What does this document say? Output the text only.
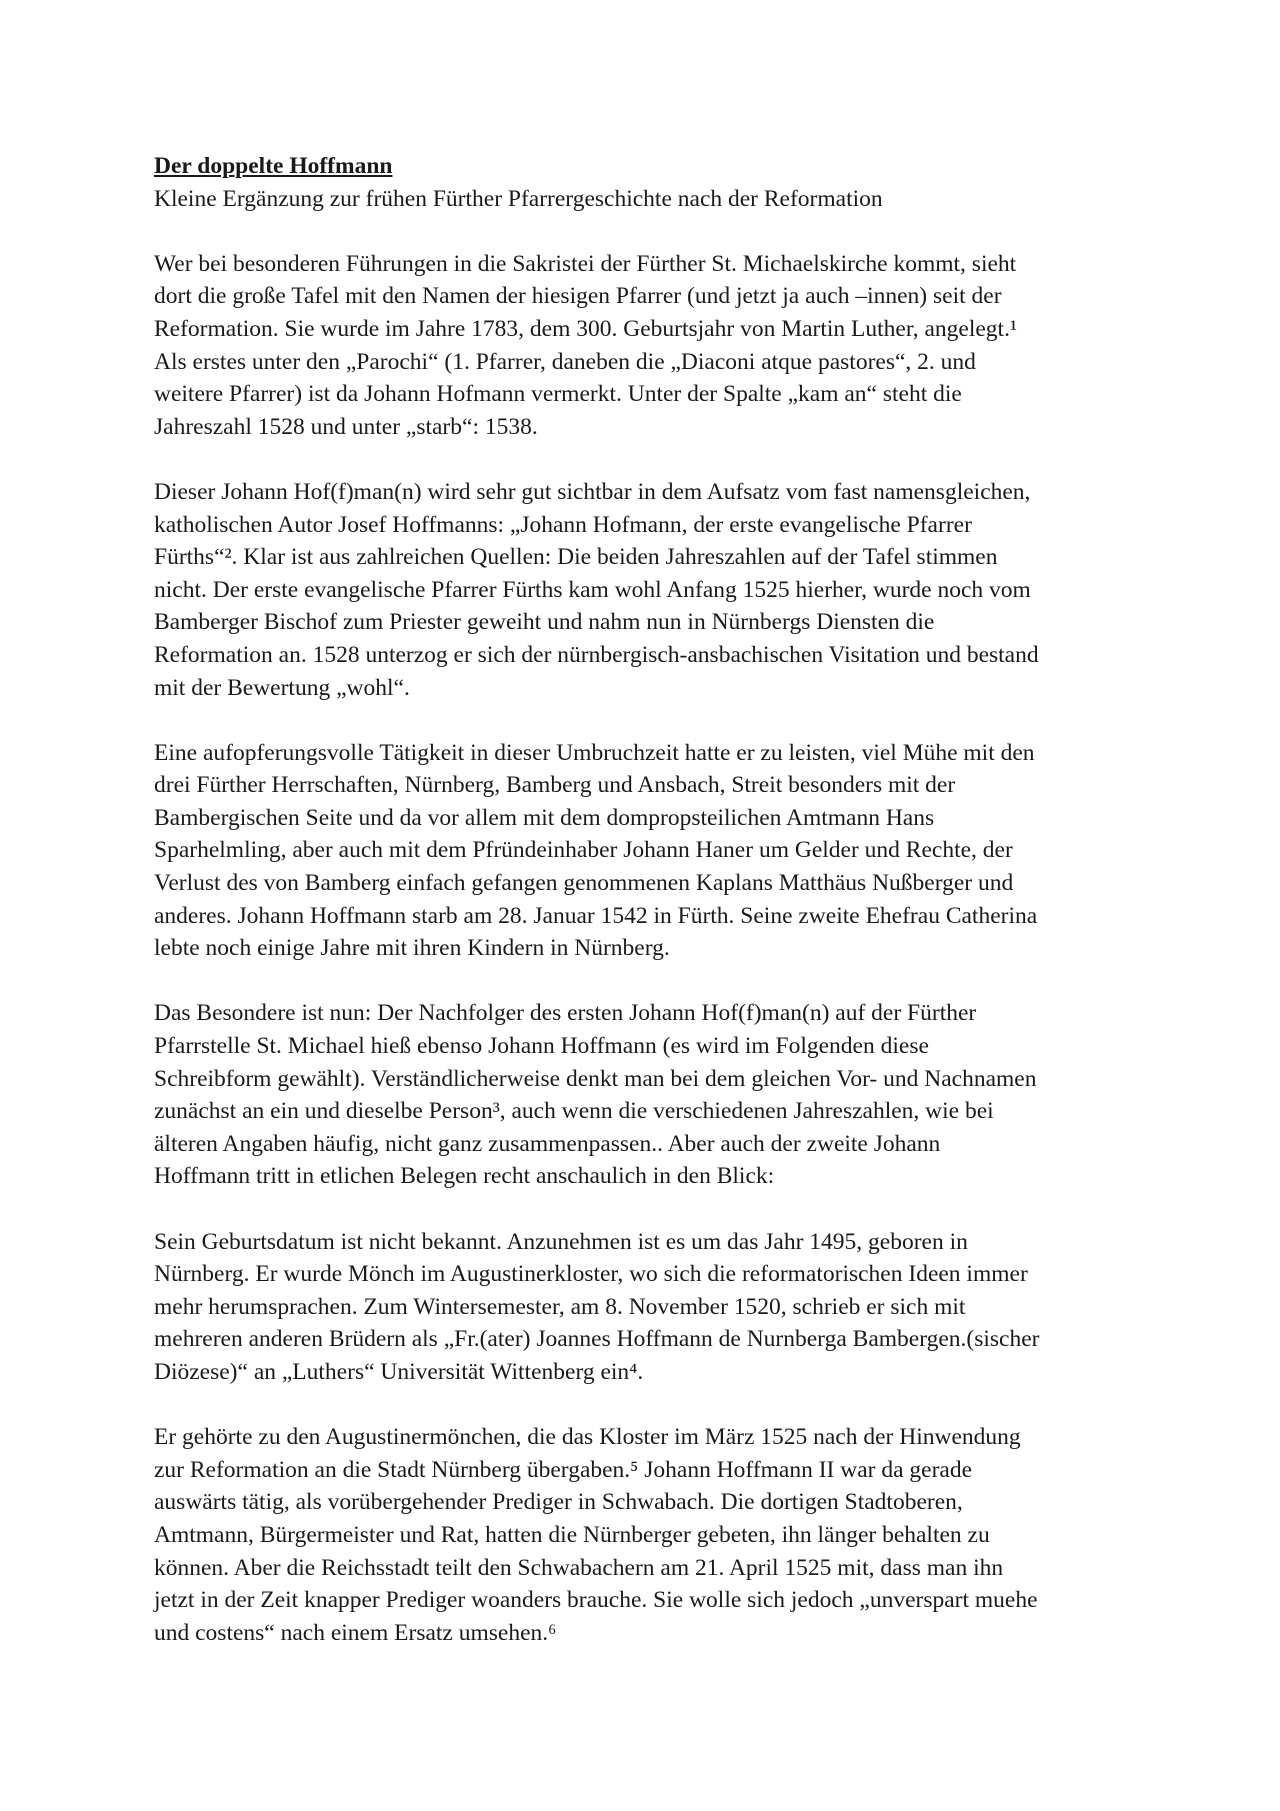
Der doppelte Hoffmann

Kleine Ergänzung zur frühen Fürther Pfarrergeschichte nach der Reformation

Wer bei besonderen Führungen in die Sakristei der Fürther St. Michaelskirche kommt, sieht
dort die große Tafel mit den Namen der hiesigen Pfarrer (und jetzt ja auch –innen) seit der
Reformation. Sie wurde im Jahre 1783, dem 300. Geburtsjahr von Martin Luther, angelegt.¹
Als erstes unter den „Parochi“ (1. Pfarrer, daneben die „Diaconi atque pastores“, 2. und
weitere Pfarrer) ist da Johann Hofmann vermerkt. Unter der Spalte „kam an“ steht die
Jahreszahl 1528 und unter „starb“: 1538.

Dieser Johann Hof(f)man(n) wird sehr gut sichtbar in dem Aufsatz vom fast namensgleichen,
katholischen Autor Josef Hoffmanns: „Johann Hofmann, der erste evangelische Pfarrer
Fürths“². Klar ist aus zahlreichen Quellen: Die beiden Jahreszahlen auf der Tafel stimmen
nicht. Der erste evangelische Pfarrer Fürths kam wohl Anfang 1525 hierher, wurde noch vom
Bamberger Bischof zum Priester geweiht und nahm nun in Nürnbergs Diensten die
Reformation an. 1528 unterzog er sich der nürnbergisch-ansbachischen Visitation und bestand
mit der Bewertung „wohl“.

Eine aufopferungsvolle Tätigkeit in dieser Umbruchzeit hatte er zu leisten, viel Mühe mit den
drei Fürther Herrschaften, Nürnberg, Bamberg und Ansbach, Streit besonders mit der
Bambergischen Seite und da vor allem mit dem dompropsteilichen Amtmann Hans
Sparhelmling, aber auch mit dem Pfründeinhaber Johann Haner um Gelder und Rechte, der
Verlust des von Bamberg einfach gefangen genommenen Kaplans Matthäus Nußberger und
anderes. Johann Hoffmann starb am 28. Januar 1542 in Fürth. Seine zweite Ehefrau Catherina
lebte noch einige Jahre mit ihren Kindern in Nürnberg.

Das Besondere ist nun: Der Nachfolger des ersten Johann Hof(f)man(n) auf der Fürther
Pfarrstelle St. Michael hieß ebenso Johann Hoffmann (es wird im Folgenden diese
Schreibform gewählt). Verständlicherweise denkt man bei dem gleichen Vor- und Nachnamen
zunächst an ein und dieselbe Person³, auch wenn die verschiedenen Jahreszahlen, wie bei
älteren Angaben häufig, nicht ganz zusammenpassen.. Aber auch der zweite Johann
Hoffmann tritt in etlichen Belegen recht anschaulich in den Blick:

Sein Geburtsdatum ist nicht bekannt. Anzunehmen ist es um das Jahr 1495, geboren in
Nürnberg. Er wurde Mönch im Augustinerkloster, wo sich die reformatorischen Ideen immer
mehr herumsprachen. Zum Wintersemester, am 8. November 1520, schrieb er sich mit
mehreren anderen Brüdern als „Fr.(ater) Joannes Hoffmann de Nurnberga Bambergen.(sischer
Diözese)“ an „Luthers“ Universität Wittenberg ein⁴.

Er gehörte zu den Augustinermönchen, die das Kloster im März 1525 nach der Hinwendung
zur Reformation an die Stadt Nürnberg übergaben.⁵ Johann Hoffmann II war da gerade
auswärts tätig, als vorübergehender Prediger in Schwabach. Die dortigen Stadtoberen,
Amtmann, Bürgermeister und Rat, hatten die Nürnberger gebeten, ihn länger behalten zu
können. Aber die Reichsstadt teilt den Schwabachern am 21. April 1525 mit, dass man ihn
jetzt in der Zeit knapper Prediger woanders brauche. Sie wolle sich jedoch „unverspart muehe
und costens“ nach einem Ersatz umsehen.⁶
